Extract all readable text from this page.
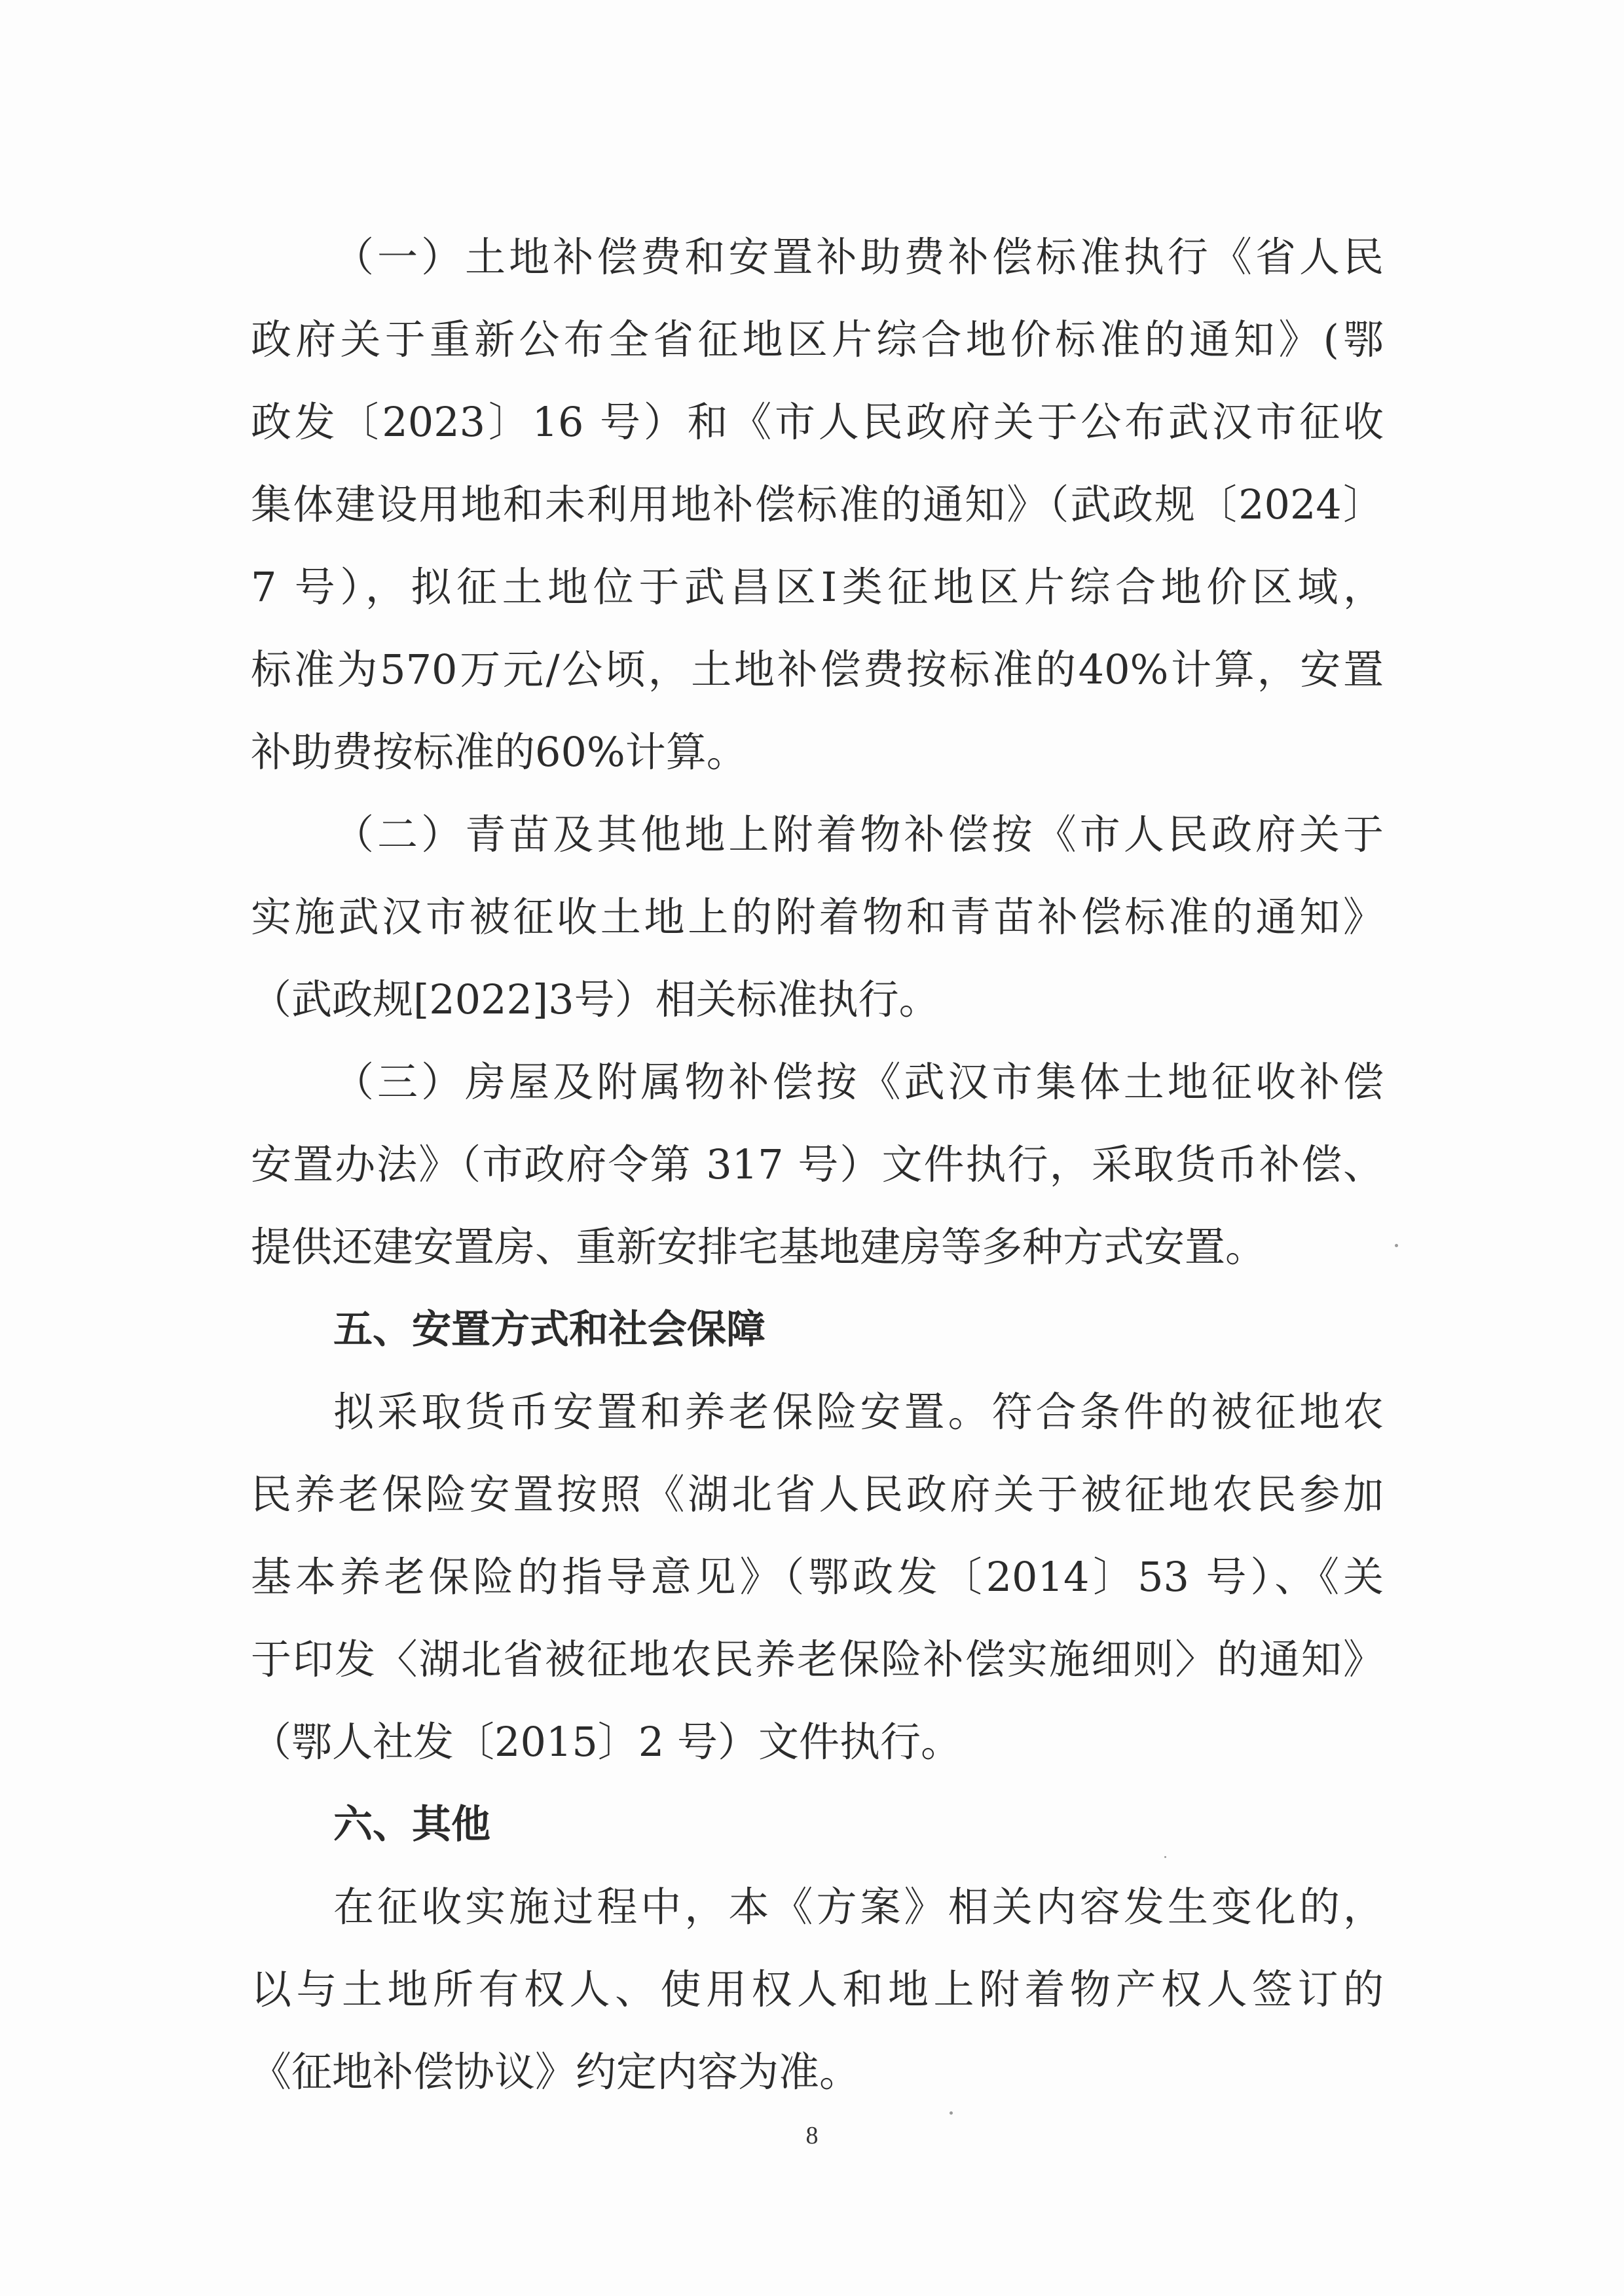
（一）土地补偿费和安置补助费补偿标准执行《省人民
政府关于重新公布全省征地区片综合地价标准的通知》(鄂
政发〔2023〕16 号）和《市人民政府关于公布武汉市征收
集体建设用地和未利用地补偿标准的通知》（武政规〔2024〕
7 号），拟征土地位于武昌区I类征地区片综合地价区域，
标准为570万元/公顷，土地补偿费按标准的40%计算，安置
补助费按标准的60%计算。
（二）青苗及其他地上附着物补偿按《市人民政府关于
实施武汉市被征收土地上的附着物和青苗补偿标准的通知》
（武政规[2022]3号）相关标准执行。
（三）房屋及附属物补偿按《武汉市集体土地征收补偿
安置办法》（市政府令第 317 号）文件执行，采取货币补偿、
提供还建安置房、重新安排宅基地建房等多种方式安置。
五、安置方式和社会保障
拟采取货币安置和养老保险安置。符合条件的被征地农
民养老保险安置按照《湖北省人民政府关于被征地农民参加
基本养老保险的指导意见》（鄂政发〔2014〕53 号）、《关
于印发〈湖北省被征地农民养老保险补偿实施细则〉的通知》
（鄂人社发〔2015〕2 号）文件执行。
六、其他
在征收实施过程中，本《方案》相关内容发生变化的，
以与土地所有权人、使用权人和地上附着物产权人签订的
《征地补偿协议》约定内容为准。
8
